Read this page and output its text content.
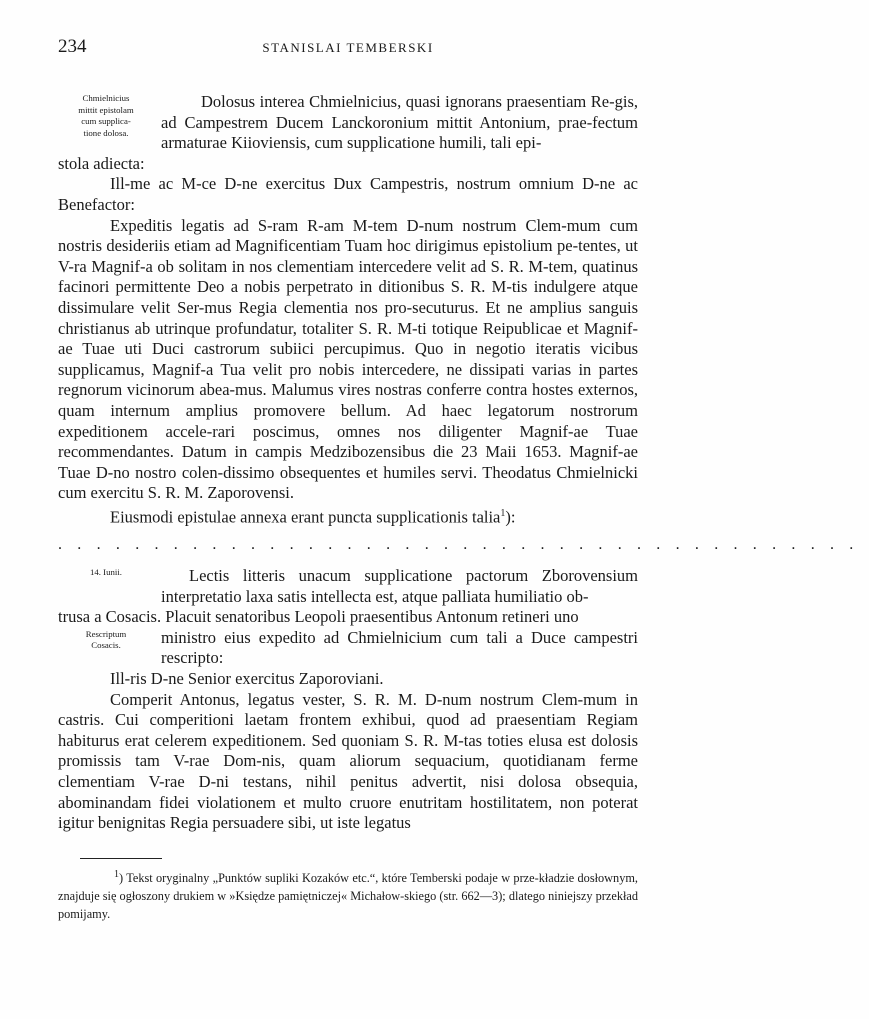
234	STANISLAI TEMBERSKI
Chmielnicius
mittit epistolam
cum supplica-
tione dolosa.

Dolosus interea Chmielnicius, quasi ignorans praesentiam Re-gis, ad Campestrem Ducem Lanckoronium mittit Antonium, prae-fectum armaturae Kiioviensis, cum supplicatione humili, tali epi-

stola adiecta:

Ill-me ac M-ce D-ne exercitus Dux Campestris, nostrum omnium D-ne ac Benefactor:

Expeditis legatis ad S-ram R-am M-tem D-num nostrum Clem-mum cum nostris desideriis etiam ad Magnificentiam Tuam hoc dirigimus epistolium pe-tentes, ut V-ra Magnif-a ob solitam in nos clementiam intercedere velit ad S. R. M-tem, quatinus facinori permittente Deo a nobis perpetrato in ditionibus S. R. M-tis indulgere atque dissimulare velit Ser-mus Regia clementia nos pro-secuturus. Et ne amplius sanguis christianus ab utrinque profundatur, totaliter S. R. M-ti totique Reipublicae et Magnif-ae Tuae uti Duci castrorum subiici percupimus. Quo in negotio iteratis vicibus supplicamus, Magnif-a Tua velit pro nobis intercedere, ne dissipati varias in partes regnorum vicinorum abea-mus. Malumus vires nostras conferre contra hostes externos, quam internum amplius promovere bellum. Ad haec legatorum nostrorum expeditionem accele-rari poscimus, omnes nos diligenter Magnif-ae Tuae recommendantes. Datum in campis Medzibozensibus die 23 Maii 1653. Magnif-ae Tuae D-no nostro colen-dissimo obsequentes et humiles servi. Theodatus Chmielnicki cum exercitu S. R. M. Zaporovensi.

Eiusmodi epistulae annexa erant puncta supplicationis talia$^1$):

..........................................
14. Iunii.	Lectis litteris unacum supplicatione pactorum Zborovensium interpretatio laxa satis intellecta est, atque palliata humiliatio ob-

trusa a Cosacis. Placuit senatoribus Leopoli praesentibus Antonum retineri uno

Rescriptum
Cosacis.	ministro eius expedito ad Chmielnicium cum tali a Duce campestri rescripto:

Ill-ris D-ne Senior exercitus Zaporoviani.

Comperit Antonus, legatus vester, S. R. M. D-num nostrum Clem-mum in castris. Cui comperitioni laetam frontem exhibui, quod ad praesentiam Regiam habiturus erat celerem expeditionem. Sed quoniam S. R. M-tas toties elusa est dolosis promissis tam V-rae Dom-nis, quam aliorum sequacium, quotidianam ferme clementiam V-rae D-ni testans, nihil penitus advertit, nisi dolosa obsequia, abominandam fidei violationem et multo cruore enutritam hostilitatem, non poterat igitur benignitas Regia persuadere sibi, ut iste legatus

$^1$) Tekst oryginalny „Punktów supliki Kozaków etc.“, które Temberski podaje w prze-kładzie dosłownym, znajduje się ogłoszony drukiem w »Księdze pamiętniczej« Michałow-skiego (str. 662—3); dlatego niniejszy przekład pomijamy.
